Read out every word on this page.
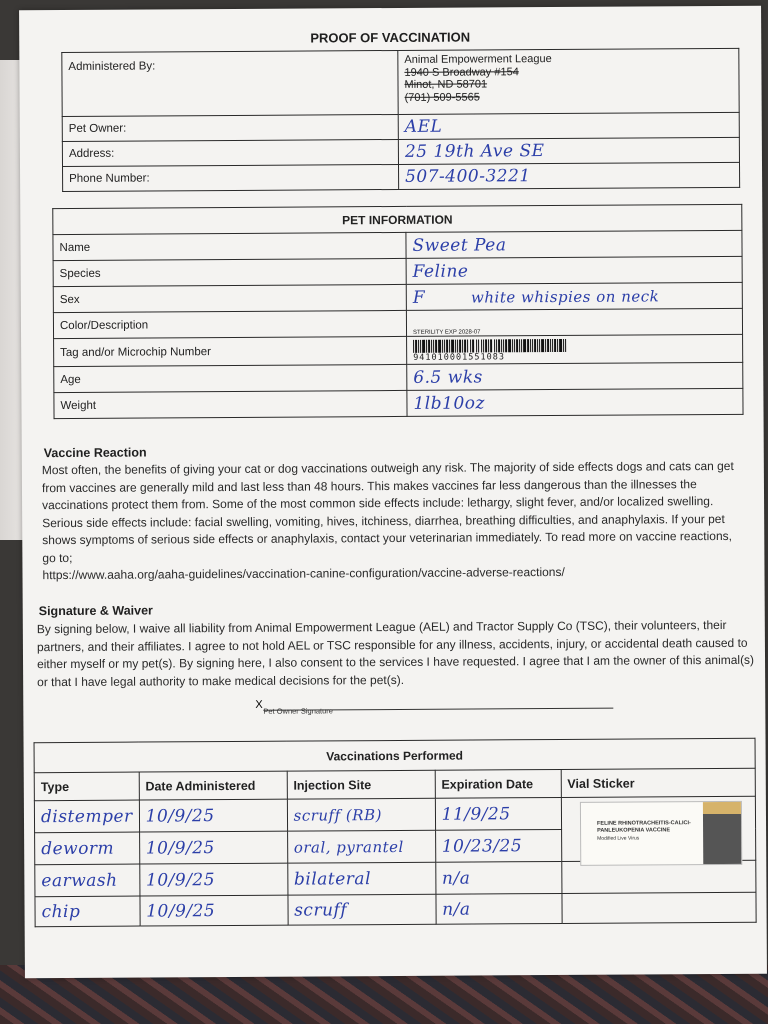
PROOF OF VACCINATION
Administered By:	Animal Empowerment League
1940 S Broadway #154
Minot, ND 58701
(701) 509-5565

Pet Owner:	AEL
Address:	25 19th Ave SE
Phone Number:	507-400-3221
PET INFORMATION	
Name	Sweet Pea
Species	Feline
Sex	F white whispies on neck
Color/Description	STERILITY EXP 2028-07
Tag and/or Microchip Number	941010001551083

Age	6.5 wks
Weight	1lb10oz
Vaccine Reaction
Most often, the benefits of giving your cat or dog vaccinations outweigh any risk. The majority of side effects dogs and cats can get from vaccines are generally mild and last less than 48 hours. This makes vaccines far less dangerous than the illnesses the vaccinations protect them from. Some of the most common side effects include: lethargy, slight fever, and/or localized swelling. Serious side effects include: facial swelling, vomiting, hives, itchiness, diarrhea, breathing difficulties, and anaphylaxis. If your pet shows symptoms of serious side effects or anaphylaxis, contact your veterinarian immediately. To read more on vaccine reactions, go to;
https://www.aaha.org/aaha-guidelines/vaccination-canine-configuration/vaccine-adverse-reactions/
Signature & Waiver
By signing below, I waive all liability from Animal Empowerment League (AEL) and Tractor Supply Co (TSC), their volunteers, their partners, and their affiliates. I agree to not hold AEL or TSC responsible for any illness, accidents, injury, or accidental death caused to either myself or my pet(s). By signing here, I also consent to the services I have requested. I agree that I am the owner of this animal(s) or that I have legal authority to make medical decisions for the pet(s).
X
Pet Owner Signature
Vaccinations Performed				
Type	Date Administered	Injection Site	Expiration Date	Vial Sticker
distemper	10/9/25	scruff (RB)	11/9/25	
deworm	10/9/25	oral, pyrantel	10/23/25	
earwash	10/9/25	bilateral	n/a	
chip	10/9/25	scruff	n/a	
FELINE RHINOTRACHEITIS-CALICI-PANLEUKOPENIA VACCINE
Modified Live Virus
